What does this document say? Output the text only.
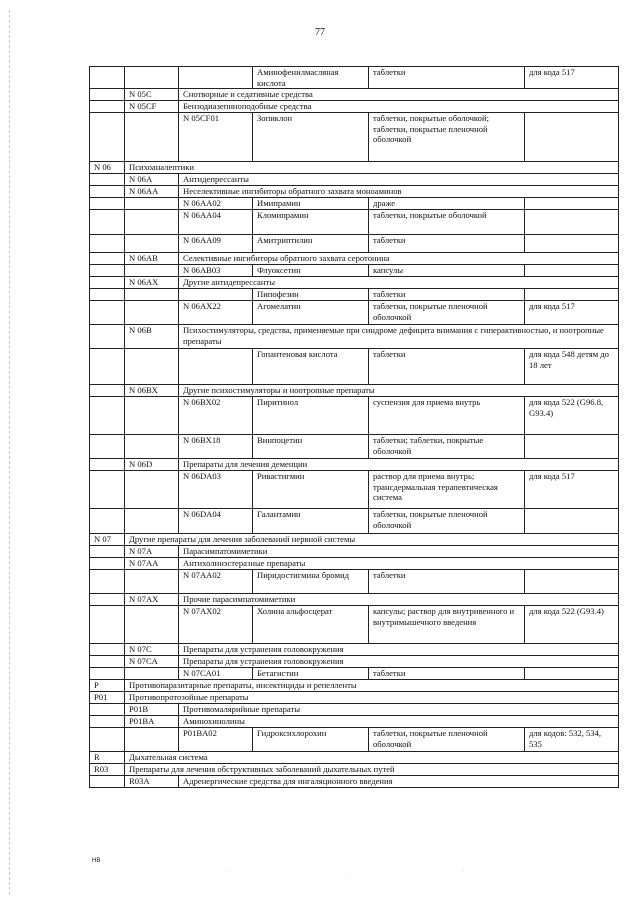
77
			Аминофенилмасляная кислота	таблетки	для кода 517
	N 05C	Снотворные и седативные средства			
	N 05CF	Бензодиазепиноподобные средства			
		N 05CF01	Зопиклон	таблетки, покрытые оболочкой; таблетки, покрытые пленочной оболочкой	
N 06	Психоаналептики				
	N 06A	Антидепрессанты			
	N 06AA	Неселективные ингибиторы обратного захвата моноаминов			
		N 06AA02	Имипрамин	драже	
		N 06AA04	Кломипрамин	таблетки, покрытые оболочкой	
		N 06AA09	Амитриптилин	таблетки	
	N 06AB	Селективные ингибиторы обратного захвата серотонина			
		N 06AB03	Флуоксетин	капсулы	
	N 06AX	Другие антидепрессанты			
			Пипофезин	таблетки	
		N 06AX22	Агомелатин	таблетки, покрытые пленочной оболочкой	для кода 517
	N 06B	Психостимуляторы, средства, применяемые при синдроме дефицита внимания с гиперактивностью, и ноотропные препараты			
			Гопантеновая кислота	таблетки	для кода 548 детям до 18 лет
	N 06BX	Другие психостимуляторы и ноотропные препараты			
		N 06BX02	Пиритинол	суспензия для приема внутрь	для кода 522 (G96.8, G93.4)
		N 06BX18	Винпоцетин	таблетки; таблетки, покрытые оболочкой	
	N 06D	Препараты для лечения деменции			
		N 06DA03	Ривастигмин	раствор для приема внутрь; трансдермальная терапевтическая система	для кода 517
		N 06DA04	Галантамин	таблетки, покрытые пленочной оболочкой	
N 07	Другие препараты для лечения заболеваний нервной системы				
	N 07A	Парасимпатомиметики			
	N 07AA	Антихолинэстеразные препараты			
		N 07AA02	Пиридостигмина бромид	таблетки	
	N 07AX	Прочие парасимпатомиметики			
		N 07AX02	Холина альфосцерат	капсулы; раствор для внутривенного и внутримышечного введения	для кода 522 (G93.4)
	N 07C	Препараты для устранения головокружения			
	N 07CA	Препараты для устранения головокружения			
		N 07CA01	Бетагистин	таблетки	
P	Противопаразитарные препараты, инсектициды и репелленты				
P01	Противопротозойные препараты				
	P01B	Противомалярийные препараты			
	P01BA	Аминохинолины			
		P01BA02	Гидроксихлорохин	таблетки, покрытые пленочной оболочкой	для кодов: 532, 534, 535
R	Дыхательная система				
R03	Препараты для лечения обструктивных заболеваний дыхательных путей				
	R03A	Адренергические средства для ингаляционного введения			
HB
·
·
·
